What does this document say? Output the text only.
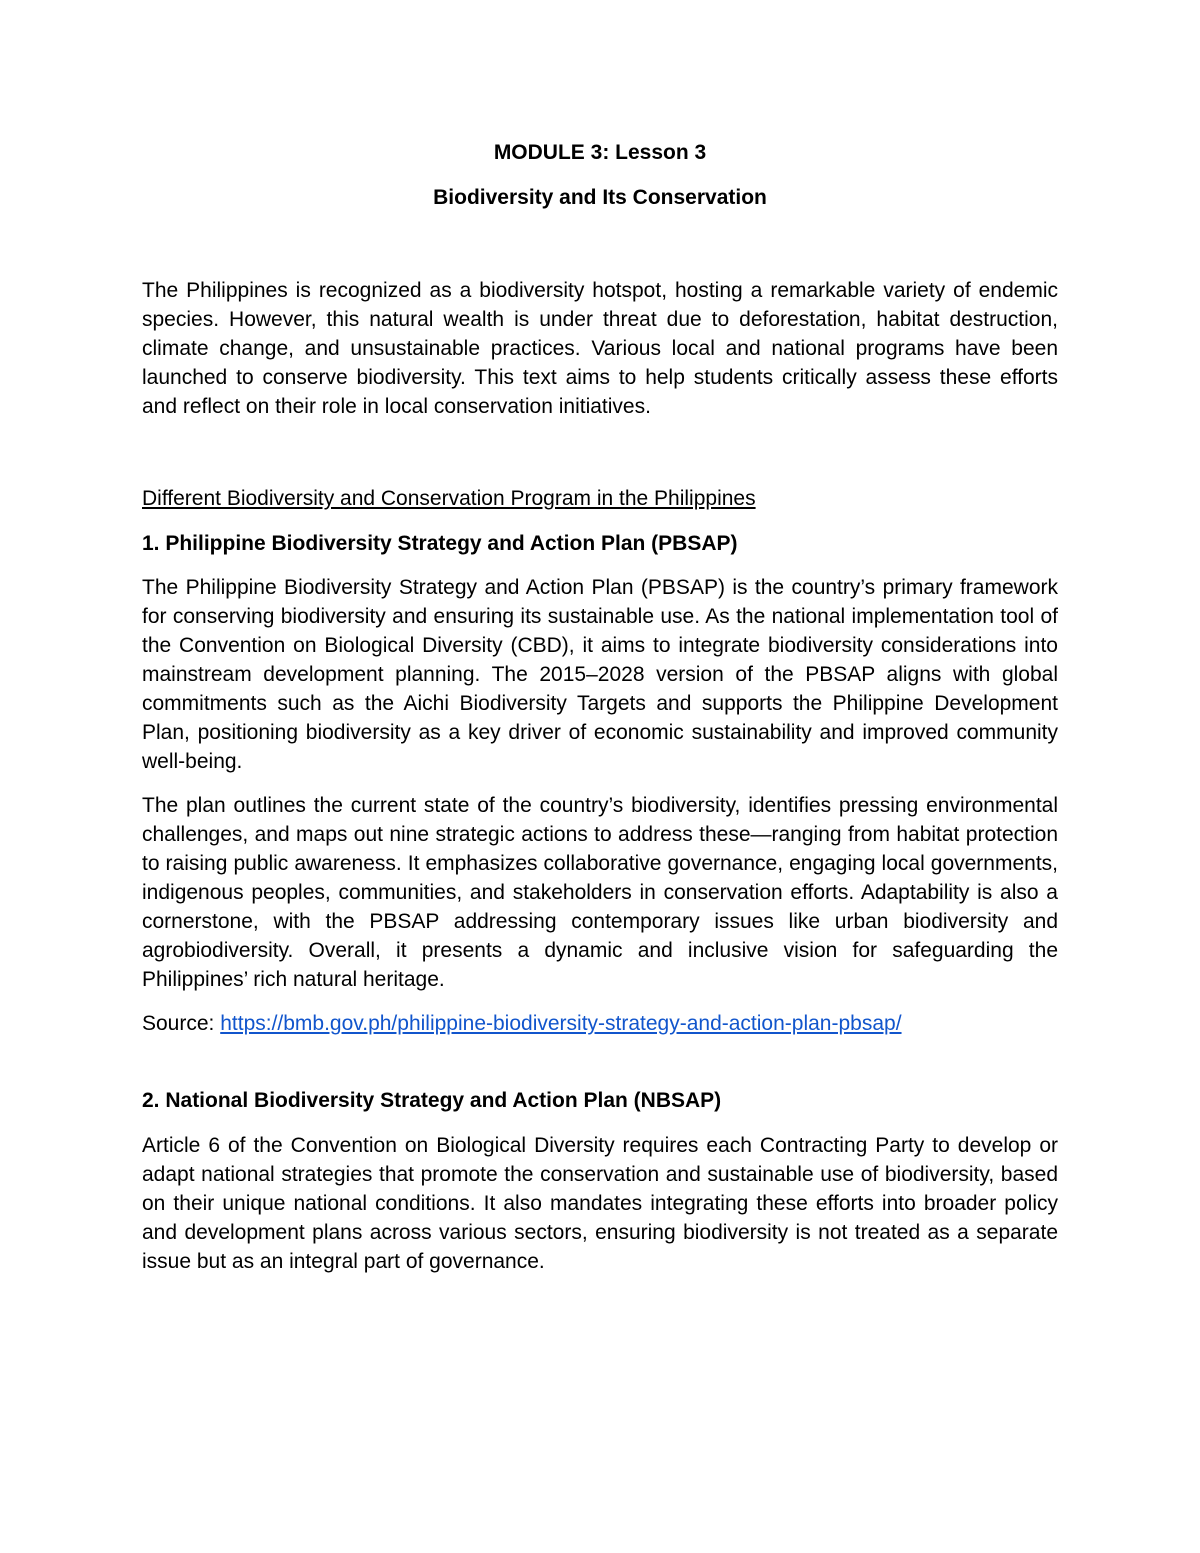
MODULE 3: Lesson 3
Biodiversity and Its Conservation

The Philippines is recognized as a biodiversity hotspot, hosting a remarkable variety of endemic species. However, this natural wealth is under threat due to deforestation, habitat destruction, climate change, and unsustainable practices. Various local and national programs have been launched to conserve biodiversity. This text aims to help students critically assess these efforts and reflect on their role in local conservation initiatives.

Different Biodiversity and Conservation Program in the Philippines
1. Philippine Biodiversity Strategy and Action Plan (PBSAP)

The Philippine Biodiversity Strategy and Action Plan (PBSAP) is the country’s primary framework for conserving biodiversity and ensuring its sustainable use. As the national implementation tool of the Convention on Biological Diversity (CBD), it aims to integrate biodiversity considerations into mainstream development planning. The 2015–2028 version of the PBSAP aligns with global commitments such as the Aichi Biodiversity Targets and supports the Philippine Development Plan, positioning biodiversity as a key driver of economic sustainability and improved community well-being.

The plan outlines the current state of the country’s biodiversity, identifies pressing environmental challenges, and maps out nine strategic actions to address these—ranging from habitat protection to raising public awareness. It emphasizes collaborative governance, engaging local governments, indigenous peoples, communities, and stakeholders in conservation efforts. Adaptability is also a cornerstone, with the PBSAP addressing contemporary issues like urban biodiversity and agrobiodiversity. Overall, it presents a dynamic and inclusive vision for safeguarding the Philippines’ rich natural heritage.

Source: https://bmb.gov.ph/philippine-biodiversity-strategy-and-action-plan-pbsap/
2. National Biodiversity Strategy and Action Plan (NBSAP)

Article 6 of the Convention on Biological Diversity requires each Contracting Party to develop or adapt national strategies that promote the conservation and sustainable use of biodiversity, based on their unique national conditions. It also mandates integrating these efforts into broader policy and development plans across various sectors, ensuring biodiversity is not treated as a separate issue but as an integral part of governance.
